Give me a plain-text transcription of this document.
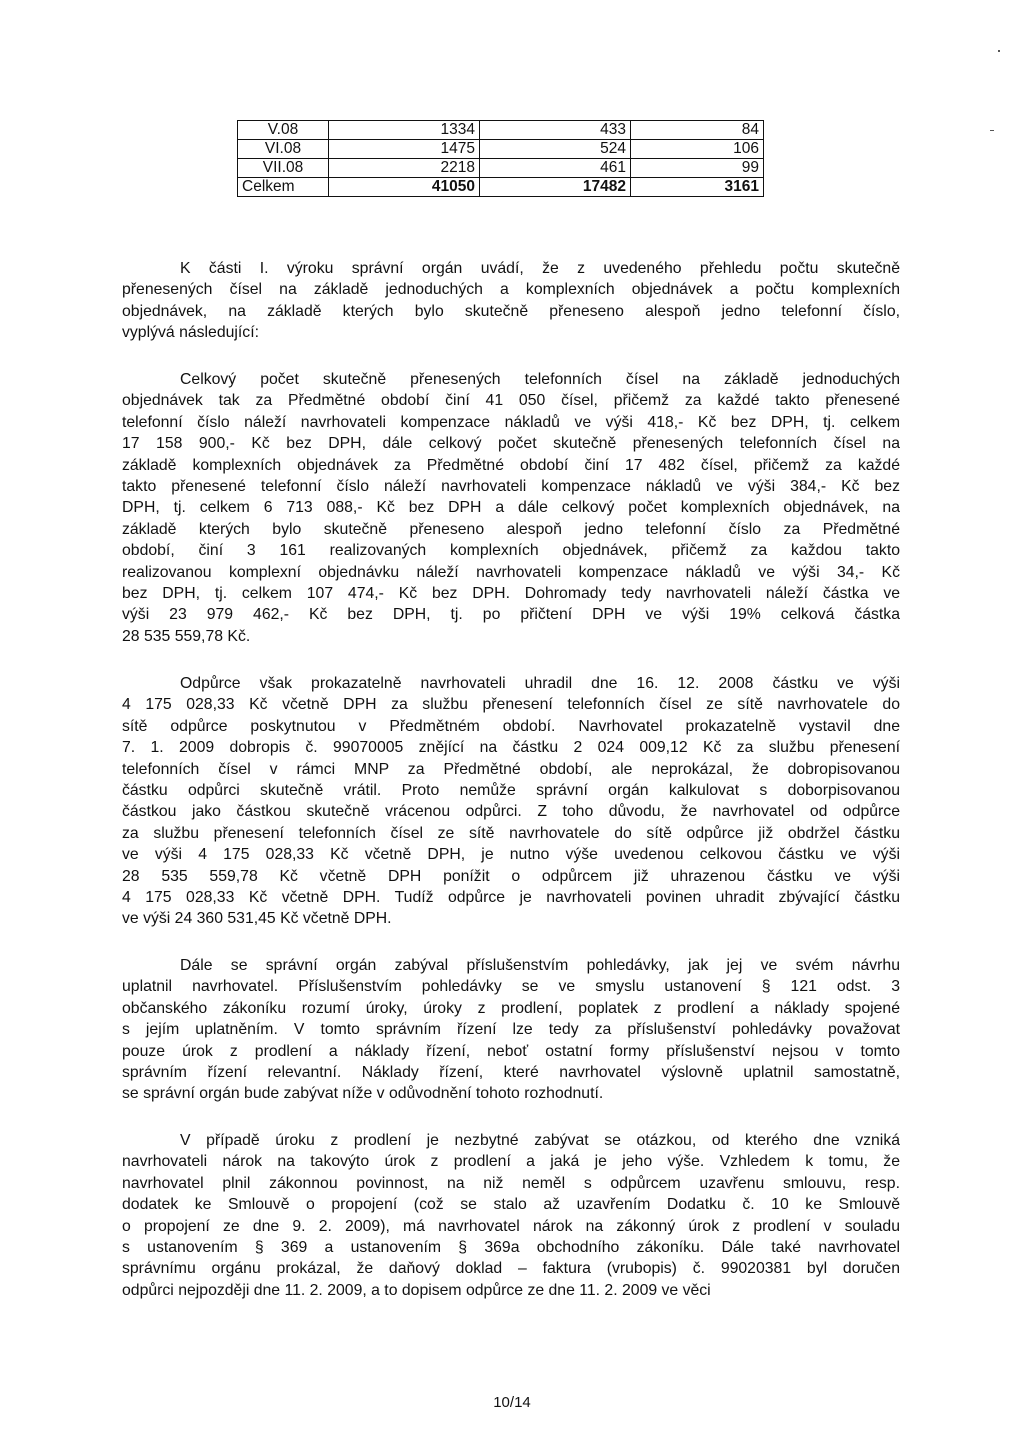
V.08	1334	433	84
VI.08	1475	524	106
VII.08	2218	461	99
Celkem	41050	17482	3161
K části I. výroku správní orgán uvádí, že z uvedeného přehledu počtu skutečně
přenesených čísel na základě jednoduchých a komplexních objednávek a počtu komplexních
objednávek, na základě kterých bylo skutečně přeneseno alespoň jedno telefonní číslo,
vyplývá následující:
Celkový počet skutečně přenesených telefonních čísel na základě jednoduchých
objednávek tak za Předmětné období činí 41 050 čísel, přičemž za každé takto přenesené
telefonní číslo náleží navrhovateli kompenzace nákladů ve výši 418,- Kč bez DPH, tj. celkem
17 158 900,- Kč bez DPH, dále celkový počet skutečně přenesených telefonních čísel na
základě komplexních objednávek za Předmětné období činí 17 482 čísel, přičemž za každé
takto přenesené telefonní číslo náleží navrhovateli kompenzace nákladů ve výši 384,- Kč bez
DPH, tj. celkem 6 713 088,- Kč bez DPH a dále celkový počet komplexních objednávek, na
základě kterých bylo skutečně přeneseno alespoň jedno telefonní číslo za Předmětné
období, činí 3 161 realizovaných komplexních objednávek, přičemž za každou takto
realizovanou komplexní objednávku náleží navrhovateli kompenzace nákladů ve výši 34,- Kč
bez DPH, tj. celkem 107 474,- Kč bez DPH. Dohromady tedy navrhovateli náleží částka ve
výši 23 979 462,- Kč bez DPH, tj. po přičtení DPH ve výši 19% celková částka
28 535 559,78 Kč.
Odpůrce však prokazatelně navrhovateli uhradil dne 16. 12. 2008 částku ve výši
4 175 028,33 Kč včetně DPH za službu přenesení telefonních čísel ze sítě navrhovatele do
sítě odpůrce poskytnutou v Předmětném období. Navrhovatel prokazatelně vystavil dne
7. 1. 2009 dobropis č. 99070005 znějící na částku 2 024 009,12 Kč za službu přenesení
telefonních čísel v rámci MNP za Předmětné období, ale neprokázal, že dobropisovanou
částku odpůrci skutečně vrátil. Proto nemůže správní orgán kalkulovat s doborpisovanou
částkou jako částkou skutečně vrácenou odpůrci. Z toho důvodu, že navrhovatel od odpůrce
za službu přenesení telefonních čísel ze sítě navrhovatele do sítě odpůrce již obdržel částku
ve výši 4 175 028,33 Kč včetně DPH, je nutno výše uvedenou celkovou částku ve výši
28 535 559,78 Kč včetně DPH ponížit o odpůrcem již uhrazenou částku ve výši
4 175 028,33 Kč včetně DPH. Tudíž odpůrce je navrhovateli povinen uhradit zbývající částku
ve výši 24 360 531,45 Kč včetně DPH.
Dále se správní orgán zabýval příslušenstvím pohledávky, jak jej ve svém návrhu
uplatnil navrhovatel. Příslušenstvím pohledávky se ve smyslu ustanovení § 121 odst. 3
občanského zákoníku rozumí úroky, úroky z prodlení, poplatek z prodlení a náklady spojené
s jejím uplatněním. V tomto správním řízení lze tedy za příslušenství pohledávky považovat
pouze úrok z prodlení a náklady řízení, neboť ostatní formy příslušenství nejsou v tomto
správním řízení relevantní. Náklady řízení, které navrhovatel výslovně uplatnil samostatně,
se správní orgán bude zabývat níže v odůvodnění tohoto rozhodnutí.
V případě úroku z prodlení je nezbytné zabývat se otázkou, od kterého dne vzniká
navrhovateli nárok na takovýto úrok z prodlení a jaká je jeho výše. Vzhledem k tomu, že
navrhovatel plnil zákonnou povinnost, na niž neměl s odpůrcem uzavřenu smlouvu, resp.
dodatek ke Smlouvě o propojení (což se stalo až uzavřením Dodatku č. 10 ke Smlouvě
o propojení ze dne 9. 2. 2009), má navrhovatel nárok na zákonný úrok z prodlení v souladu
s ustanovením § 369 a ustanovením § 369a obchodního zákoníku. Dále také navrhovatel
správnímu orgánu prokázal, že daňový doklad – faktura (vrubopis) č. 99020381 byl doručen
odpůrci nejpozději dne 11. 2. 2009, a to dopisem odpůrce ze dne 11. 2. 2009 ve věci
10/14
